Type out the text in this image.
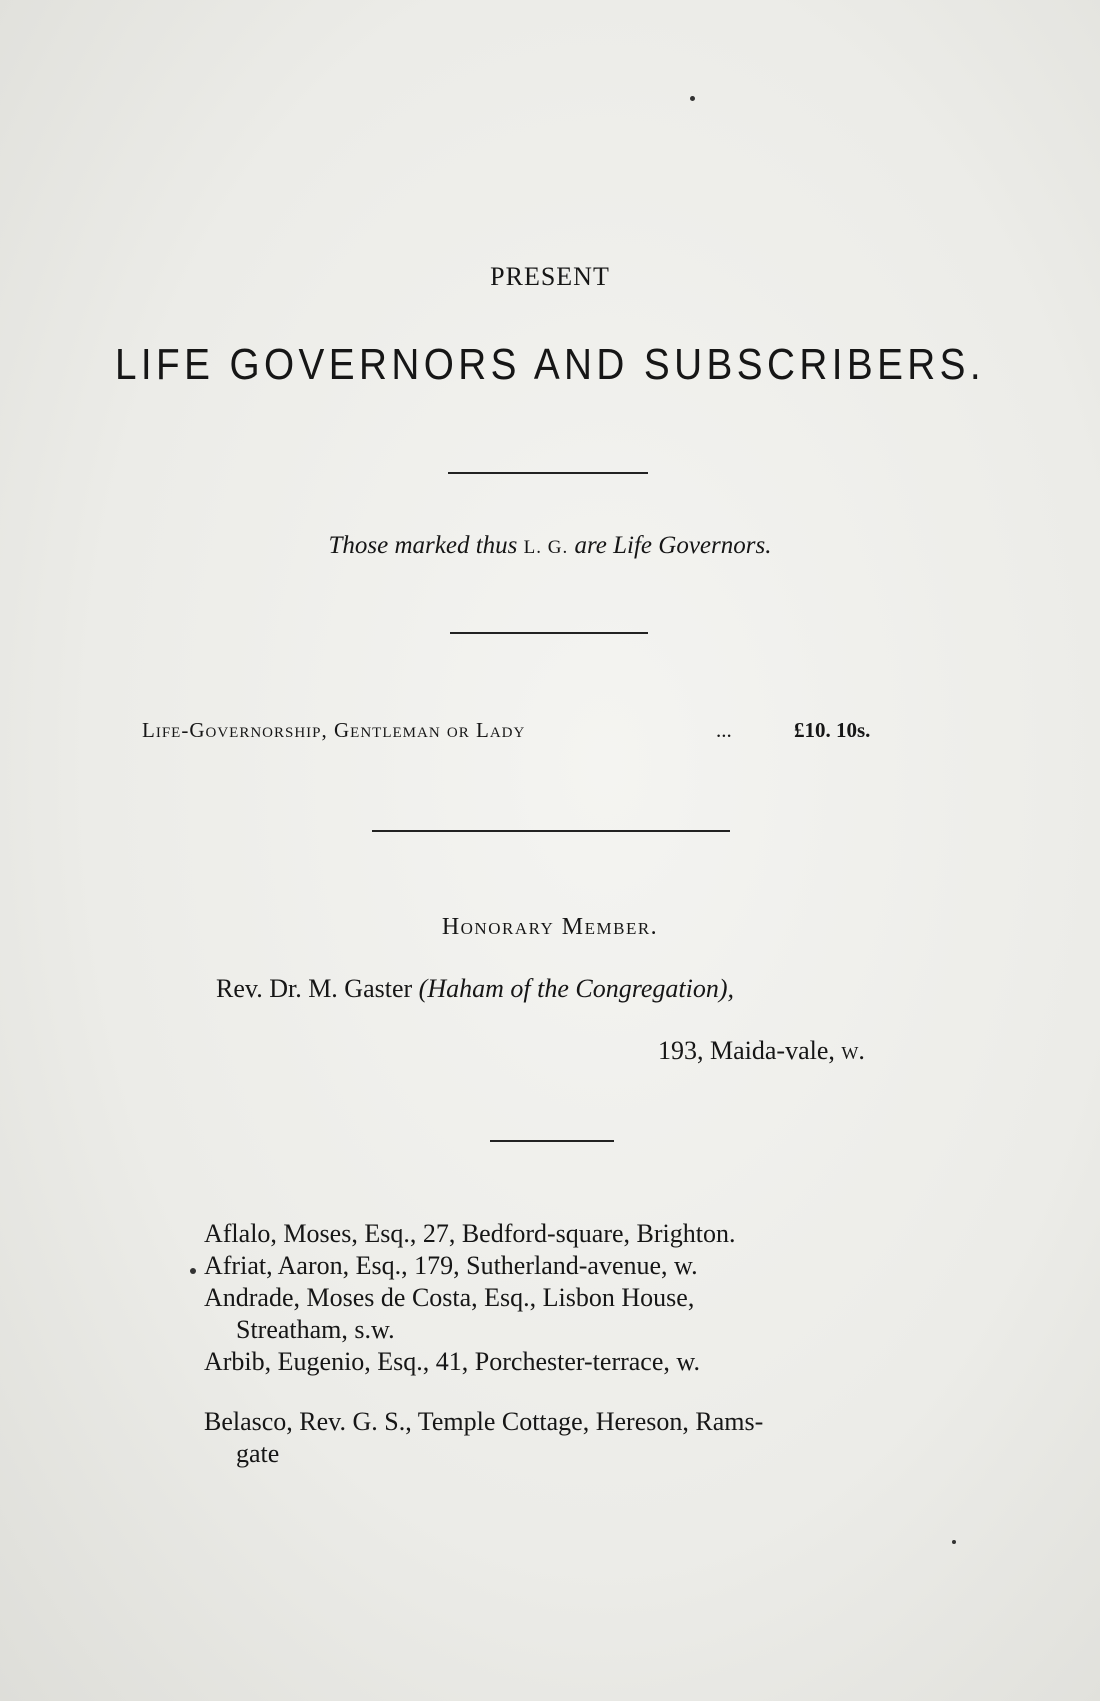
PRESENT
LIFE GOVERNORS AND SUBSCRIBERS.
Those marked thus L. G. are Life Governors.
Life-Governorship, Gentleman or Lady	...	£10. 10s.
Honorary Member.
Rev. Dr. M. Gaster (Haham of the Congregation),
193, Maida-vale, w.
Aflalo, Moses, Esq., 27, Bedford-square, Brighton.
Afriat, Aaron, Esq., 179, Sutherland-avenue, w.
Andrade, Moses de Costa, Esq., Lisbon House,
Streatham, s.w.
Arbib, Eugenio, Esq., 41, Porchester-terrace, w.
Belasco, Rev. G. S., Temple Cottage, Hereson, Rams-
gate
